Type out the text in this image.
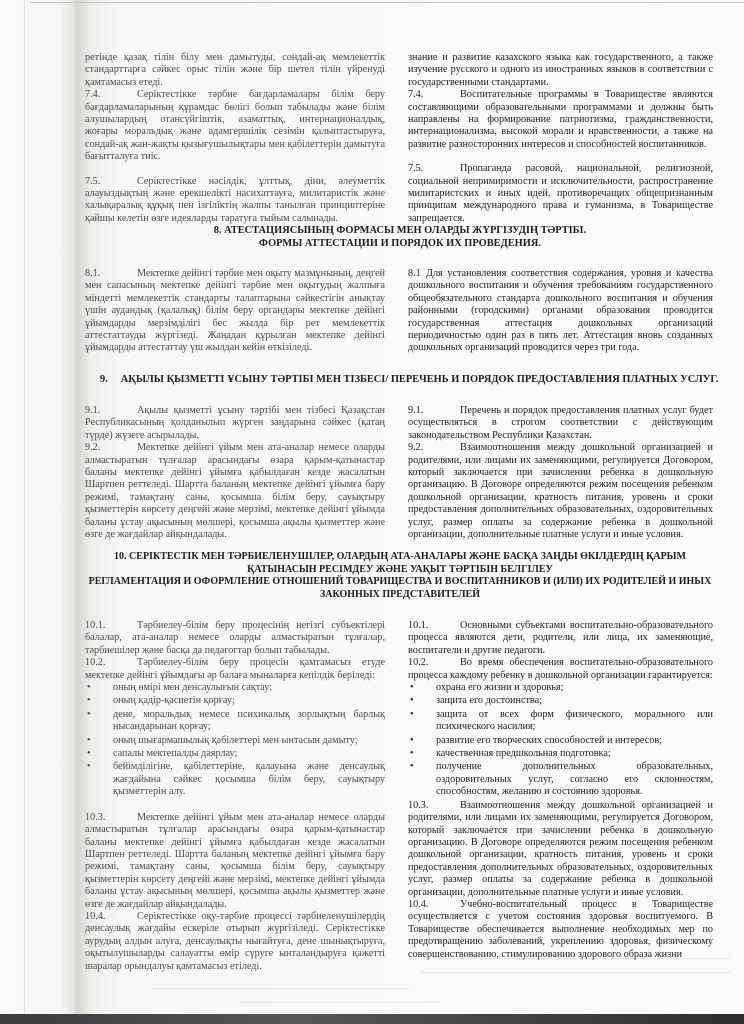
ретінде қазақ тілін білу мен дамытуды, сондай-ақ мемлекеттік стандарттарға сәйкес орыс тілін және бір шетел тілін үйренуді қамтамасыз етеді.

7.4.	Серіктестікке тәрбие бағдарламалары білім беру бағдарламаларының құрамдас бөлігі болып табылады және білім алушылардың отансүйгіштік, азаматтық, интернационалдық, жоғары моральдық және адамгершілік сезімін қалыптастыруға, сондай-ақ жан-жақты қызығушылықтары мен қабілеттерін дамытуға бағытталуға тиіс.

7.5.	Серіктестікке нәсілдік, ұлттық, діни, әлеуметтік алауыздықтың және ерекшелікті насихаттауға, милитаристік және халықаралық құқық пен ізгіліктің жалпы танылған принциптеріне қайшы келетін өзге идеяларды таратуға тыйым салынады.

знание и развитие казахского языка как государственного, а также изучение русского и одного из иностранных языков в соответствии с государственными стандартами.

7.4.	Воспитательные программы в Товариществе являются составляющими образовательными программами и должны быть направлены на формирование патриотизма, гражданственности, интернационализма, высокой морали и нравственности, а также на развитие разносторонних интересов и способностей воспитанников.

7.5.	Пропаганда расовой, национальной, религиозной, социальной непримиримости и исключительности, распространение милитаристских и иных идей, противоречащих общепризнанным принципам международного права и гуманизма, в Товариществе запрещается.

8. АТЕСТАЦИЯСЫНЫҢ ФОРМАСЫ МЕН ОЛАРДЫ ЖҮРГІЗУДІҢ ТӘРТІБІ.
ФОРМЫ АТТЕСТАЦИИ И ПОРЯДОК ИХ ПРОВЕДЕНИЯ.

8.1.	Мектепке дейінгі тәрбие мен оқыту мазмұнының, деңгей мен сапасының мектепке дейінгі тәрбие мен оқытудың жалпыға міндетті мемлекеттік стандарты талаптарына сәйкестігін анықтау үшін аудандық (қалалық) білім беру органдары мектепке дейінгі ұйымдарды мерзімділігі бес жылда бір рет мемлекеттік аттестаттауды жүргізеді. Жаңадан құрылған мектепке дейінгі ұйымдарды аттестаттау үш жылдан кейін өткізіледі.

8.1 Для установления соответствия содержания, уровня и качества дошкольного воспитания и обучения требованиям государственного общеобязательного стандарта дошкольного воспитания и обучения районными (городскими) органами образования проводится государственная аттестация дошкольных организаций периодичностью один раз в пять лет. Аттестация вновь созданных дошкольных организаций проводится через три года.

9.     АҚЫЛЫ ҚЫЗМЕТТІ ҰСЫНУ ТӘРТІБІ МЕН ТІЗБЕСІ/ ПЕРЕЧЕНЬ И ПОРЯДОК ПРЕДОСТАВЛЕНИЯ ПЛАТНЫХ УСЛУГ.

9.1.	Ақылы қызметті ұсыну тәртібі мен тізбесі Қазақстан Республикасының қолданылып жүрген заңдарына сәйкес (қатаң түрде) жүзеге асырылады.

9.2.	Мектепке дейінгі ұйым мен ата-аналар немесе оларды алмастыратын тұлғалар арасындағы өзара қарым-қатынастар баланы мектепке дейінгі ұйымға қабылдаған кезде жасалатын Шартпен реттеледі. Шартта баланың мектепке дейінгі ұйымға бару режимі, тамақтану саны, қосымша білім беру, сауықтыру қызметтерін көрсету деңгейі және мерзімі, мектепке дейінгі ұйымда баланы ұстау ақысының мөлшері, қосымша ақылы қызметтер және өзге де жағдайлар айқындалады.

9.1.	Перечень и порядок предоставления платных услуг будет осуществляться в строгом соответствии с действующим законодательством Республики Казахстан.

9.2.	Взаимоотношения между дошкольной организацией и родителями, или лицами их заменяющими, регулируется Договором, который заключается при зачислении ребенка в дошкольную организацию. В Договоре определяются режим посещения ребенком дошкольной организации, кратность питания, уровень и сроки предоставления дополнительных образовательных, оздоровительных услуг, размер оплаты за содержание ребенка в дошкольной организации, дополнительные платные услуги и иные условия.

10. СЕРІКТЕСТІК МЕН ТӘРБИЕЛЕНУШІЛЕР, ОЛАРДЫҢ АТА-АНАЛАРЫ ЖӘНЕ БАСҚА ЗАҢДЫ ӨКІЛДЕРДІҢ ҚАРЫМ
ҚАТЫНАСЫН РЕСІМДЕУ ЖӘНЕ УАҚЫТ ТӘРТІБІН БЕЛГІЛЕУ
РЕГЛАМЕНТАЦИЯ И ОФОРМЛЕНИЕ ОТНОШЕНИЙ ТОВАРИЩЕСТВА И ВОСПИТАННИКОВ И (ИЛИ) ИХ РОДИТЕЛЕЙ И ИНЫХ
ЗАКОННЫХ ПРЕДСТАВИТЕЛЕЙ

10.1.	Тәрбиелеу-білім беру процесінің негізгі субъектілері балалар, ата-аналар немесе оларды алмастыратын тұлғалар, тәрбиешілер және басқа да педагогтар болып табылады.

10.2.	Тәрбиелеу-білім беру процесін қамтамасыз етуде мектепке дейінгі ұйымдағы әр балаға мыналарға кепілдік беріледі:

• оның өмірі мен денсаулығын сақтау;
• оның қадір-қасиетін қорғау;
• дене, моральдық немесе психикалық зорлықтың барлық нысандарынан қорғау;
• оның шығармашылық қабілеттері мен ынтасын дамыту;
• сапалы мектепалды даярлау;
• бейімділігіне, қабілеттеріне, қалауына және денсаулық жағдайына сәйкес қосымша білім беру, сауықтыру қызметтерін алу.

10.3.	Мектепке дейінгі ұйым мен ата-аналар немесе оларды алмастыратын тұлғалар арасындағы өзара қарым-қатынастар баланы мектепке дейінгі ұйымға қабылдаған кезде жасалатын Шартпен реттеледі. Шартта баланың мектепке дейінгі ұйымға бару режимі, тамақтану саны, қосымша білім беру, сауықтыру қызметтерін көрсету деңгейі және мерзімі, мектепке дейінгі ұйымда баланы ұстау ақысының мөлшері, қосымша ақылы қызметтер және өзге де жағдайлар айқындалады.

10.4.	Серіктестікке оқу-тәрбие процессі тәрбиеленушілердің денсаулық жағдайы ескеріле отырып жүргізіледі. Серіктестікке аурудың алдын алуға, денсаулықты нығайтуға, дене шынықтыруға, оқытылушыларды салауатты өмір сүруге ынталандыруға қажетті шаралар орындалуы қамтамасыз етіледі.

10.1.	Основными субъектами воспитательно-образовательного процесса являются дети, родители, или лица, их заменяющие, воспитатели и другие педагоги.

10.2.	Во время обеспечения воспитательно-образовательного процесса каждому ребенку в дошкольной организации гарантируется:

• охрана его жизни и здоровья;
• защита его достоинства;
• защита от всех форм физического, морального или психического насилия;
• развитие его творческих способностей и интересов;
• качественная предшкольная подготовка;
• получение дополнительных образовательных, оздоровительных услуг, согласно его склонностям, способностям, желанию и состоянию здоровья.

10.3.	Взаимоотношения между дошкольной организацией и родителями, или лицами их заменяющими, регулируется Договором, который заключается при зачислении ребенка в дошкольную организацию. В Договоре определяются режим посещения ребенком дошкольной организации, кратность питания, уровень и сроки предоставления дополнительных образовательных, оздоровительных услуг, размер оплаты за содержание ребенка в дошкольной организации, дополнительные платные услуги и иные условия.

10.4.	Учебно-воспитательный процесс в Товариществе осуществляется с учетом состояния здоровья воспитуемого. В Товариществе обеспечивается выполнение необходимых мер по предотвращению заболеваний, укреплению здоровья, физическому совершенствованию, стимулированию здорового образа жизни
